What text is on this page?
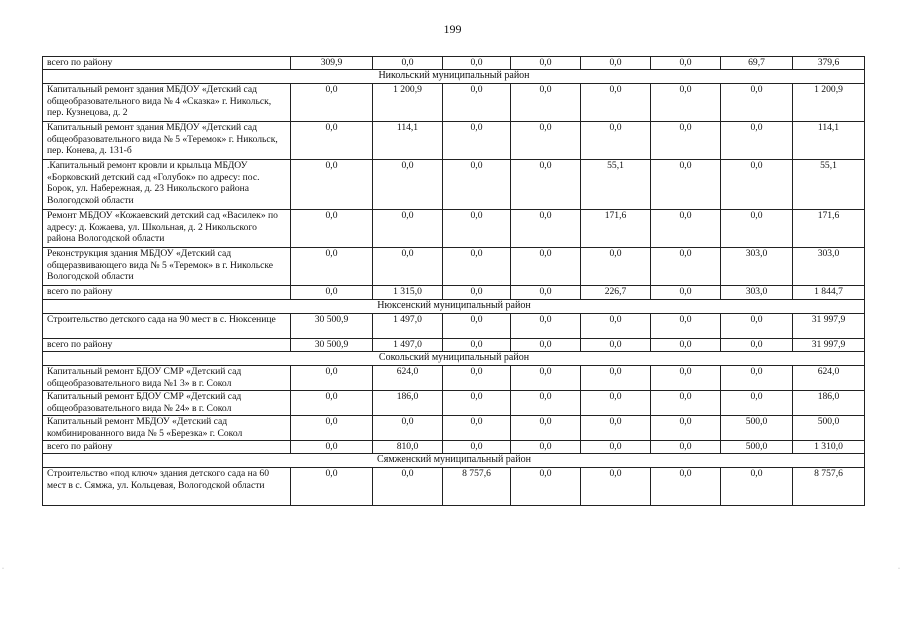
199
всего по району	309,9	0,0	0,0	0,0	0,0	0,0	69,7	379,6
Никольский муниципальный район								
Капитальный ремонт здания МБДОУ «Детский сад общеобразовательного вида № 4 «Сказка» г. Никольск, пер. Кузнецова, д. 2	0,0	1 200,9	0,0	0,0	0,0	0,0	0,0	1 200,9
Капитальный ремонт здания МБДОУ «Детский сад общеобразовательного вида № 5 «Теремок» г. Никольск, пер. Конева, д. 131-б	0,0	114,1	0,0	0,0	0,0	0,0	0,0	114,1
.Капитальный ремонт кровли и крыльца МБДОУ «Борковский детский сад «Голубок» по адресу: пос. Борок, ул. Набережная, д. 23 Никольского района Вологодской области	0,0	0,0	0,0	0,0	55,1	0,0	0,0	55,1
Ремонт МБДОУ «Кожаевский детский сад «Василек» по адресу: д. Кожаева, ул. Школьная, д. 2 Никольского района Вологодской области	0,0	0,0	0,0	0,0	171,6	0,0	0,0	171,6
Реконструкция здания МБДОУ «Детский сад общеразвивающего вида № 5 «Теремок» в г. Никольске Вологодской области	0,0	0,0	0,0	0,0	0,0	0,0	303,0	303,0
всего по району	0,0	1 315,0	0,0	0,0	226,7	0,0	303,0	1 844,7
Нюксенский муниципальный район								
Строительство детского сада на 90 мест в с. Нюксенице	30 500,9	1 497,0	0,0	0,0	0,0	0,0	0,0	31 997,9
всего по району	30 500,9	1 497,0	0,0	0,0	0,0	0,0	0,0	31 997,9
Сокольский муниципальный район								
Капитальный ремонт БДОУ СМР «Детский сад общеобразовательного вида №1 3» в г. Сокол	0,0	624,0	0,0	0,0	0,0	0,0	0,0	624,0
Капитальный ремонт БДОУ СМР «Детский сад общеобразовательного вида № 24» в г. Сокол	0,0	186,0	0,0	0,0	0,0	0,0	0,0	186,0
Капитальный ремонт МБДОУ «Детский сад комбинированного вида № 5 «Березка» г. Сокол	0,0	0,0	0,0	0,0	0,0	0,0	500,0	500,0
всего по району	0,0	810,0	0,0	0,0	0,0	0,0	500,0	1 310,0
Сямженский муниципальный район								
Строительство «под ключ» здания детского сада на 60 мест в с. Сямжа, ул. Кольцевая, Вологодской области	0,0	0,0	8 757,6	0,0	0,0	0,0	0,0	8 757,6
·	·
